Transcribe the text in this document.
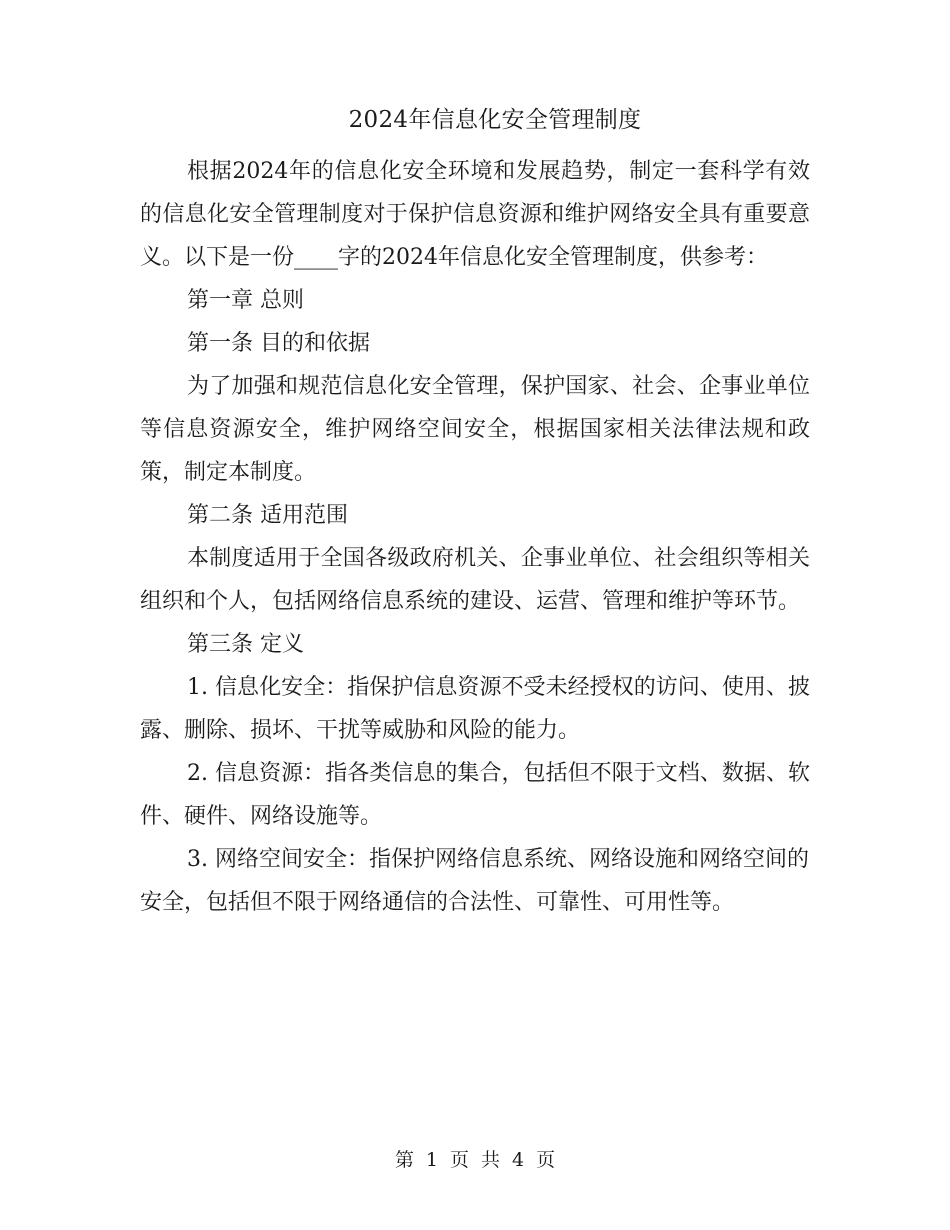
2024年信息化安全管理制度

根据2024年的信息化安全环境和发展趋势，制定一套科学有效的信息化安全管理制度对于保护信息资源和维护网络安全具有重要意义。以下是一份____字的2024年信息化安全管理制度，供参考：

第一章 总则

第一条 目的和依据

为了加强和规范信息化安全管理，保护国家、社会、企事业单位等信息资源安全，维护网络空间安全，根据国家相关法律法规和政策，制定本制度。

第二条 适用范围

本制度适用于全国各级政府机关、企事业单位、社会组织等相关组织和个人，包括网络信息系统的建设、运营、管理和维护等环节。

第三条 定义

1. 信息化安全：指保护信息资源不受未经授权的访问、使用、披露、删除、损坏、干扰等威胁和风险的能力。

2. 信息资源：指各类信息的集合，包括但不限于文档、数据、软件、硬件、网络设施等。

3. 网络空间安全：指保护网络信息系统、网络设施和网络空间的安全，包括但不限于网络通信的合法性、可靠性、可用性等。

第 1 页 共 4 页
